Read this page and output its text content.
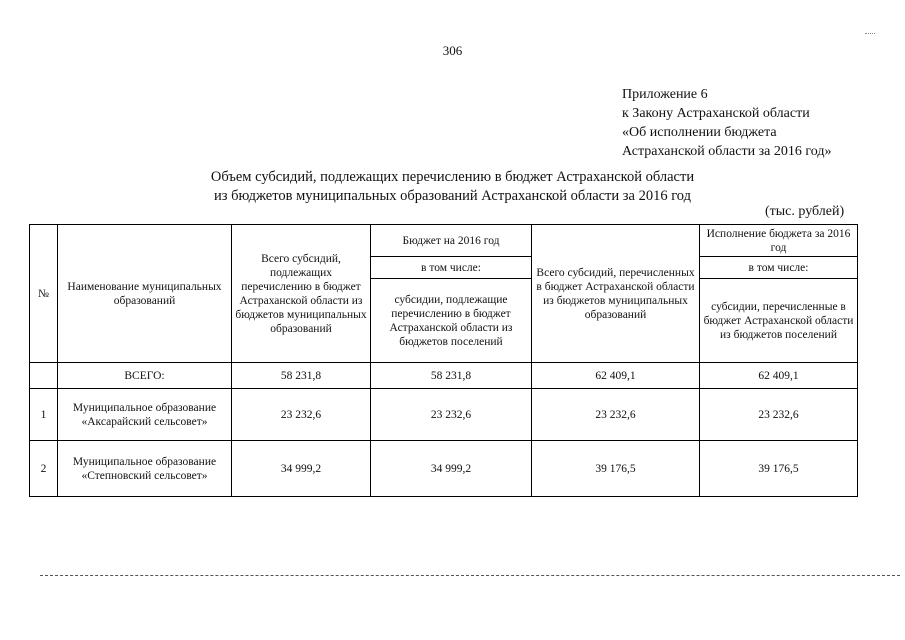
306
Приложение 6
к Закону Астраханской области
«Об исполнении бюджета
Астраханской области за 2016 год»
Объем субсидий, подлежащих перечислению в бюджет Астраханской области
из бюджетов муниципальных образований Астраханской области за 2016 год
(тыс. рублей)
№	Наименование муниципальных образований	Всего субсидий, подлежащих перечислению в бюджет Астраханской области из бюджетов муниципальных образований	Бюджет на 2016 год	Всего субсидий, перечисленных в бюджет Астраханской области из бюджетов муниципальных образований	Исполнение бюджета за 2016 год
			в том числе:		в том числе:
			субсидии, подлежащие перечислению в бюджет Астраханской области из бюджетов поселений		субсидии, перечисленные в бюджет Астраханской области из бюджетов поселений
	ВСЕГО:	58 231,8	58 231,8	62 409,1	62 409,1
1	Муниципальное образование «Аксарайский сельсовет»	23 232,6	23 232,6	23 232,6	23 232,6
2	Муниципальное образование «Степновский сельсовет»	34 999,2	34 999,2	39 176,5	39 176,5
